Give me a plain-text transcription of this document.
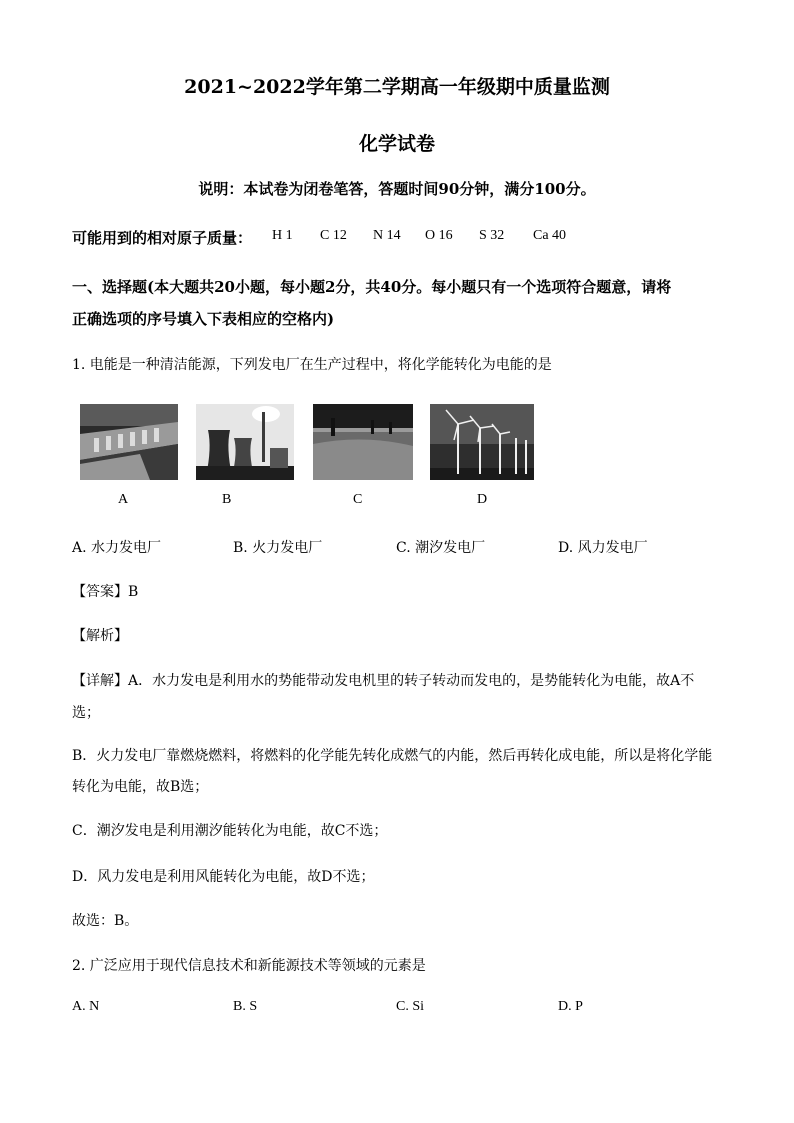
2021~2022学年第二学期高一年级期中质量监测
化学试卷
说明：本试卷为闭卷笔答，答题时间90分钟，满分100分。
可能用到的相对原子质量： H 1 C 12 N 14 O 16 S 32 Ca 40
一、选择题(本大题共20小题，每小题2分，共40分。每小题只有一个选项符合题意，请将
正确选项的序号填入下表相应的空格内)
1. 电能是一种清洁能源，下列发电厂在生产过程中，将化学能转化为电能的是
A	B	C	D
A. 水力发电厂	B. 火力发电厂	C. 潮汐发电厂	D. 风力发电厂
【答案】B
【解析】
【详解】A．水力发电是利用水的势能带动发电机里的转子转动而发电的，是势能转化为电能，故A不
选；
B．火力发电厂靠燃烧燃料，将燃料的化学能先转化成燃气的内能，然后再转化成电能，所以是将化学能
转化为电能，故B选；
C．潮汐发电是利用潮汐能转化为电能，故C不选；
D．风力发电是利用风能转化为电能，故D不选；
故选：B。
2. 广泛应用于现代信息技术和新能源技术等领域的元素是
A. N	B. S	C. Si	D. P
